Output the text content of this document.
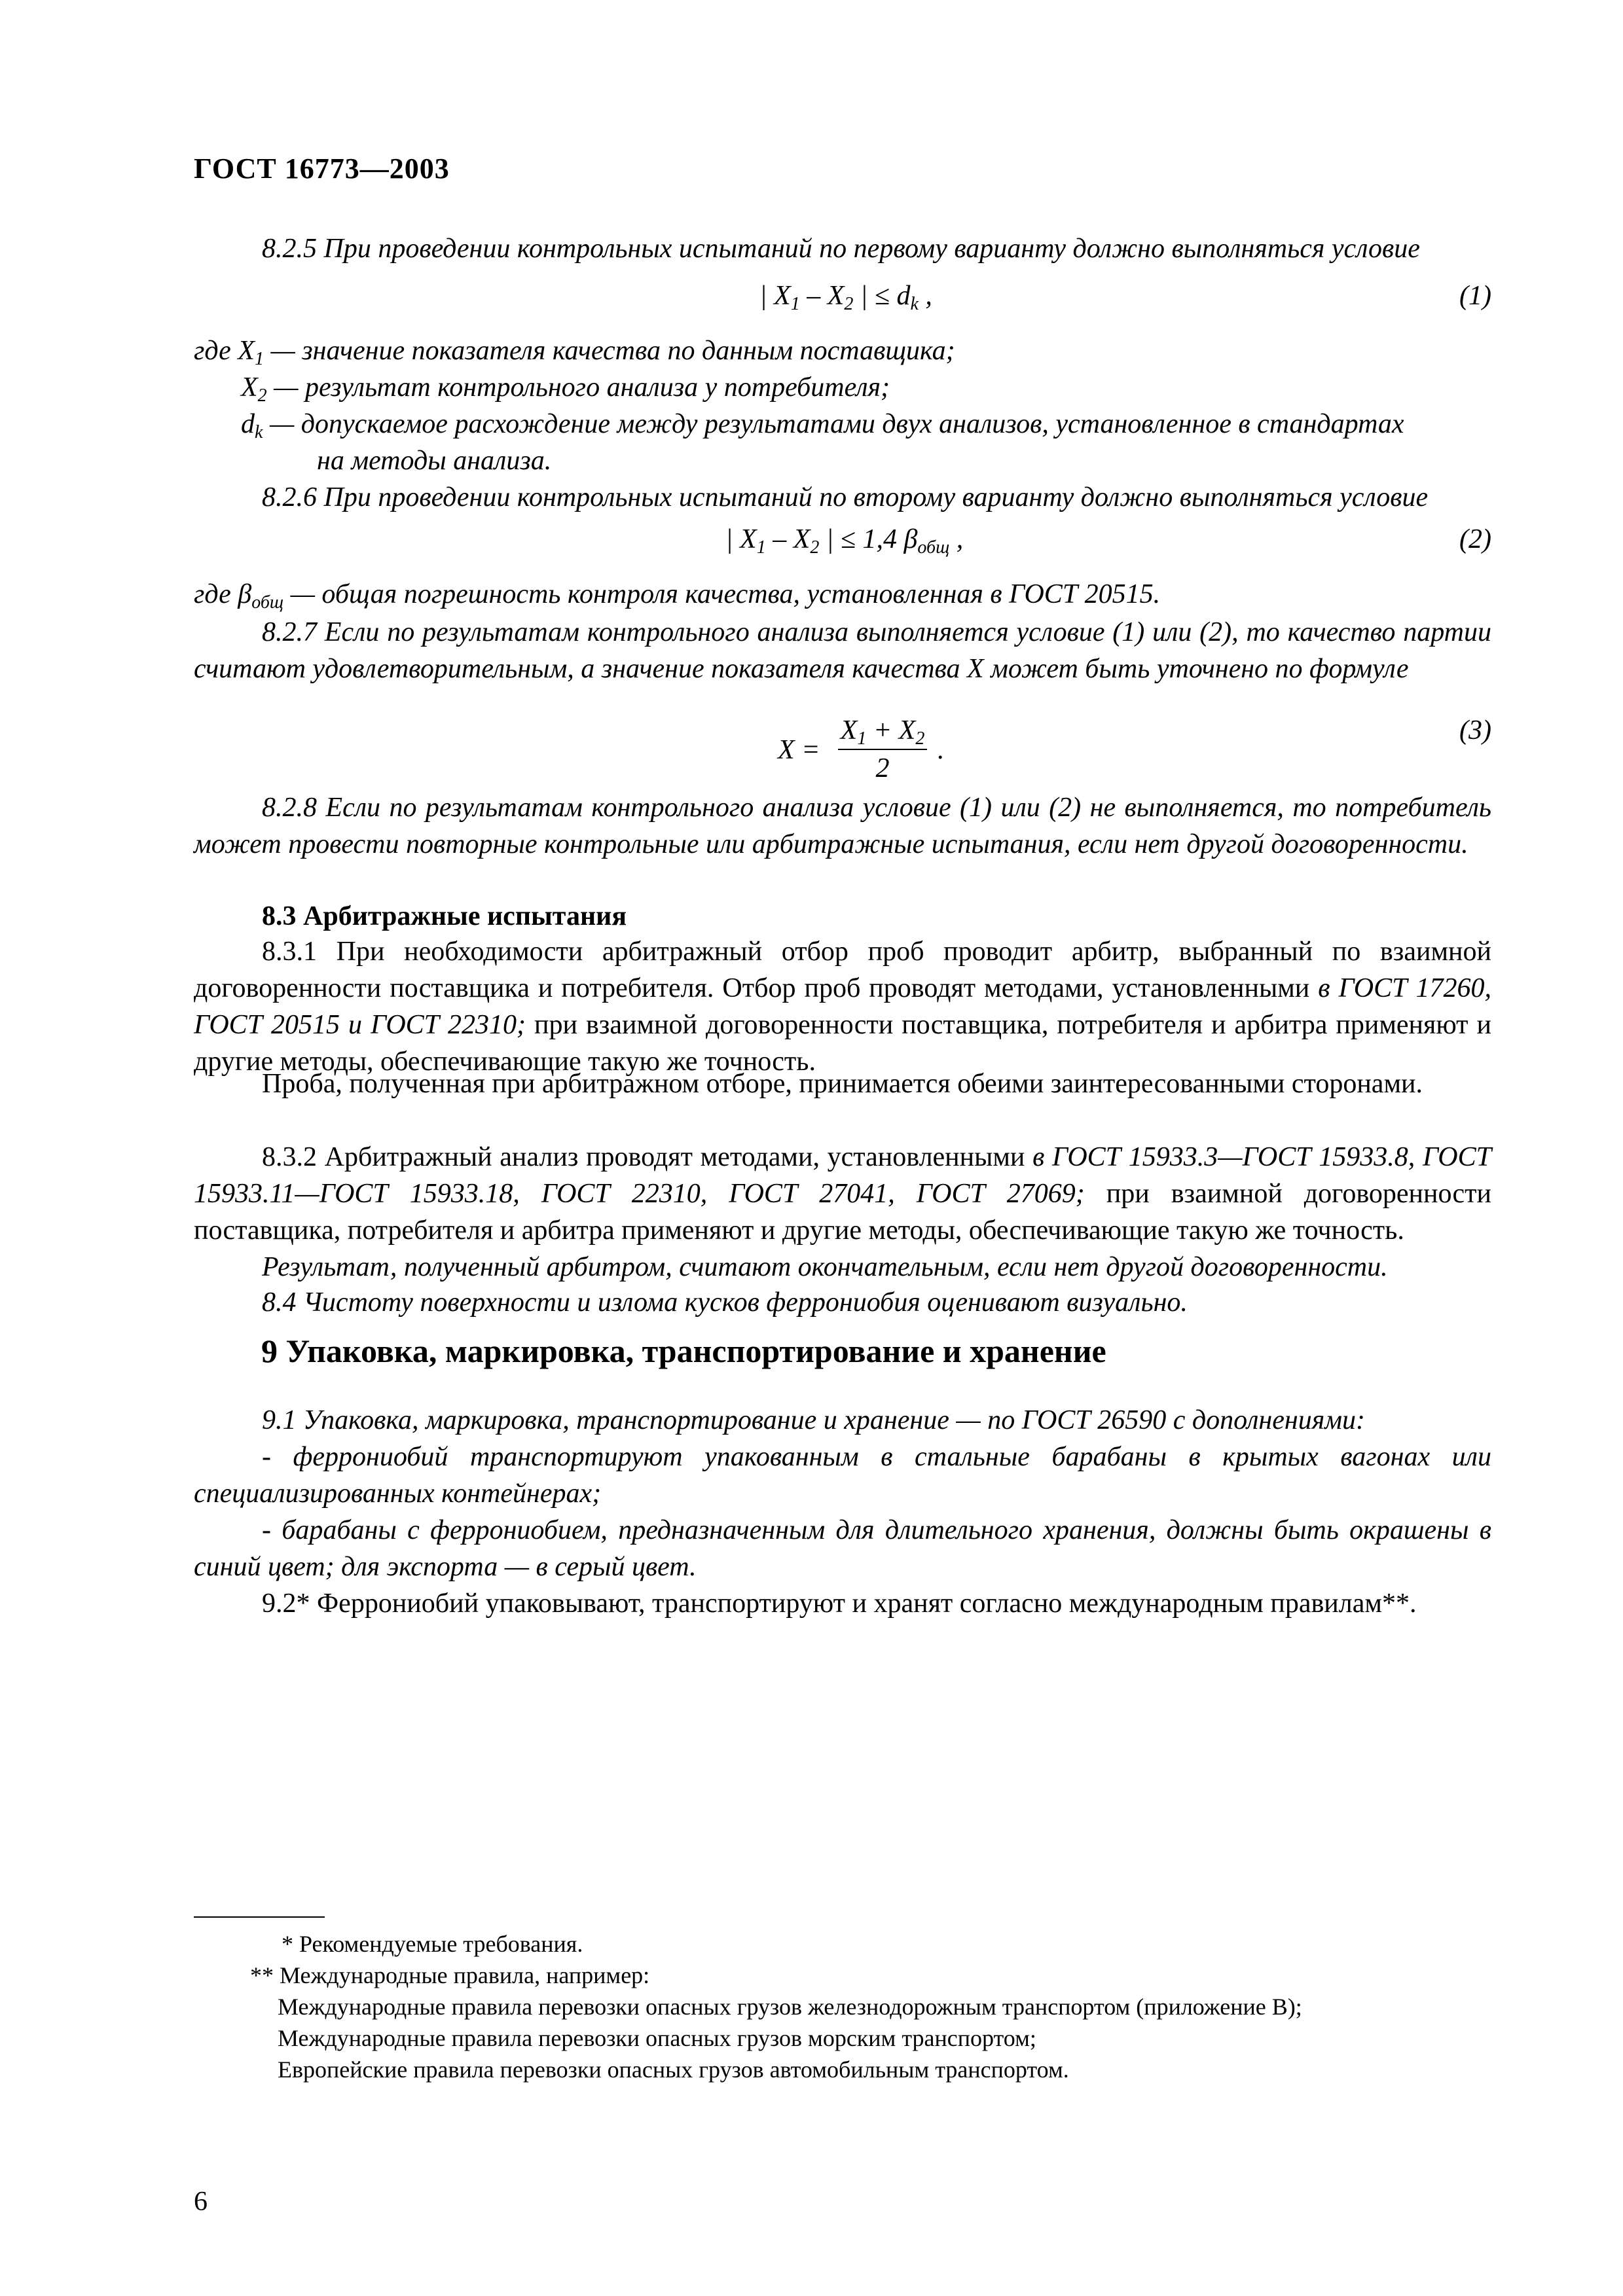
ГОСТ 16773—2003

8.2.5 При проведении контрольных испытаний по первому варианту должно выполняться условие

| $X_1 - X_2$ | ≤ $d_k$ ,	(1)
где $X_1$ — значение показателя качества по данным поставщика;
$X_2$ — результат контрольного анализа у потребителя;
$d_k$ — допускаемое расхождение между результатами двух анализов, установленное в стандартах
на методы анализа.

8.2.6 При проведении контрольных испытаний по второму варианту должно выполняться условие

| $X_1 - X_2$ | ≤ 1,4 $\beta_{общ}$ ,	(2)
где $\beta_{общ}$ — общая погрешность контроля качества, установленная в ГОСТ 20515.

8.2.7 Если по результатам контрольного анализа выполняется условие (1) или (2), то качество партии считают удовлетворительным, а значение показателя качества X может быть уточнено по формуле

X =
$X_1 + X_2$
2
.
(3)

8.2.8 Если по результатам контрольного анализа условие (1) или (2) не выполняется, то потребитель может провести повторные контрольные или арбитражные испытания, если нет другой договоренности.

8.3 Арбитражные испытания

8.3.1 При необходимости арбитражный отбор проб проводит арбитр, выбранный по взаимной договоренности поставщика и потребителя. Отбор проб проводят методами, установленными в ГОСТ 17260, ГОСТ 20515 и ГОСТ 22310; при взаимной договоренности поставщика, потребителя и арбитра применяют и другие методы, обеспечивающие такую же точность.

Проба, полученная при арбитражном отборе, принимается обеими заинтересованными сторонами.

8.3.2 Арбитражный анализ проводят методами, установленными в ГОСТ 15933.3—ГОСТ 15933.8, ГОСТ 15933.11—ГОСТ 15933.18, ГОСТ 22310, ГОСТ 27041, ГОСТ 27069; при взаимной договоренности поставщика, потребителя и арбитра применяют и другие методы, обеспечивающие такую же точность.

Результат, полученный арбитром, считают окончательным, если нет другой договоренности.

8.4 Чистоту поверхности и излома кусков феррониобия оценивают визуально.

9 Упаковка, маркировка, транспортирование и хранение

9.1 Упаковка, маркировка, транспортирование и хранение — по ГОСТ 26590 с дополнениями:

- феррониобий транспортируют упакованным в стальные барабаны в крытых вагонах или специализированных контейнерах;

- барабаны с феррониобием, предназначенным для длительного хранения, должны быть окрашены в синий цвет; для экспорта — в серый цвет.

9.2* Феррониобий упаковывают, транспортируют и хранят согласно международным правилам**.

* Рекомендуемые требования.
** Международные правила, например:
Международные правила перевозки опасных грузов железнодорожным транспортом (приложение В);
Международные правила перевозки опасных грузов морским транспортом;
Европейские правила перевозки опасных грузов автомобильным транспортом.
6
